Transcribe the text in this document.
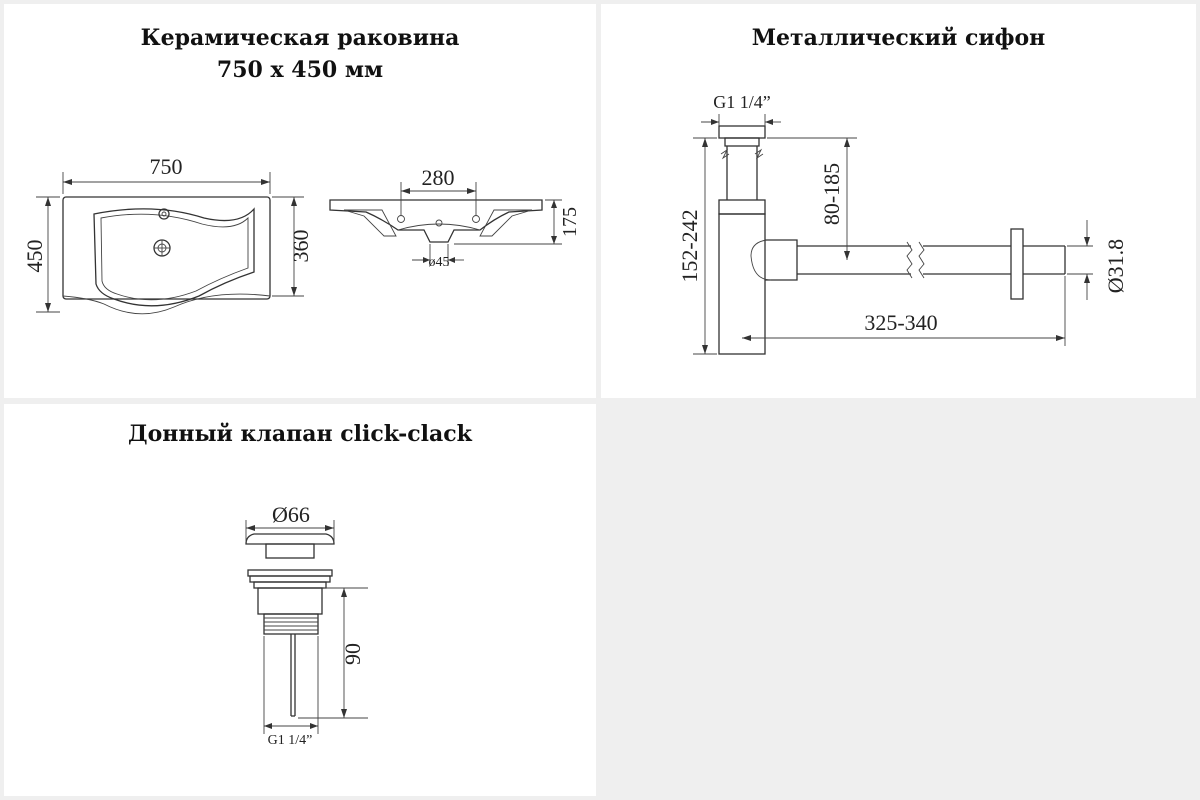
Керамическая раковина
750 х 450 мм
750
450	360
280
175
ø45
Металлический сифон
G1 1/4”
152-242
80-185
325-340
Ø31.8
Донный клапан click-clack
Ø66
90
G1 1/4”
